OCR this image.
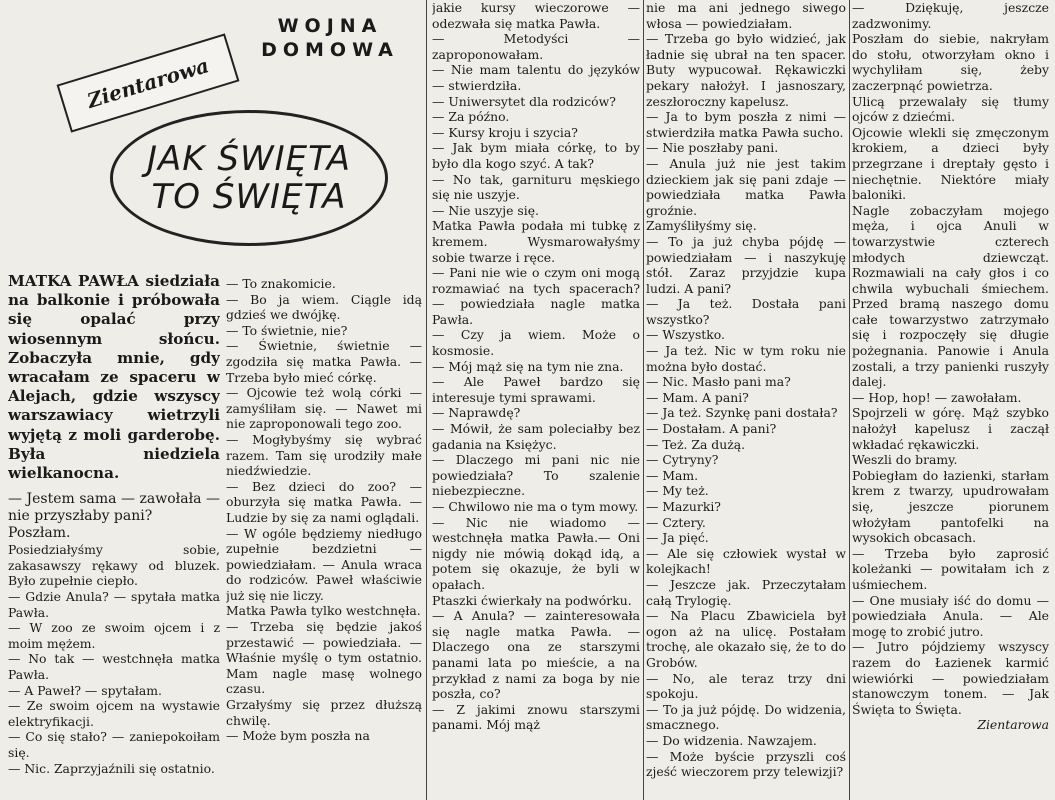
WOJNA DOMOWA
Zientarowa
JAK ŚWIĘTA
TO ŚWIĘTA

MATKA PAWŁA siedziała na balkonie i próbowała się opalać przy wiosennym słońcu. Zobaczyła mnie, gdy wracałam ze spaceru w Alejach, gdzie wszyscy warszawiacy wietrzyli wyjętą z moli garderobę. Była niedziela wielkanocna.

— Jestem sama — zawołała — nie przyszłaby pani?

Poszłam.

Posiedziałyśmy sobie, zakasawszy rękawy od bluzek. Było zupełnie ciepło.

— Gdzie Anula? — spytała matka Pawła.

— W zoo ze swoim ojcem i z moim mężem.

— No tak — westchnęła matka Pawła.

— A Paweł? — spytałam.

— Ze swoim ojcem na wystawie elektryfikacji.

— Co się stało? — zaniepokoiłam się.

— Nic. Zaprzyjaźnili się ostatnio.

— To znakomicie.

— Bo ja wiem. Ciągle idą gdzieś we dwójkę.

— To świetnie, nie?

— Świetnie, świetnie — zgodziła się matka Pawła. — Trzeba było mieć córkę.

— Ojcowie też wolą córki — zamyśliłam się. — Nawet mi nie zaproponowali tego zoo.

— Mogłybyśmy się wybrać razem. Tam się urodziły małe niedźwiedzie.

— Bez dzieci do zoo? — oburzyła się matka Pawła. — Ludzie by się za nami oglądali.

— W ogóle będziemy niedługo zupełnie bezdzietni — powiedziałam. — Anula wraca do rodziców. Paweł właściwie już się nie liczy.

Matka Pawła tylko westchnęła.

— Trzeba się będzie jakoś przestawić — powiedziała. — Właśnie myślę o tym ostatnio. Mam nagle masę wolnego czasu.

Grzałyśmy się przez dłuższą chwilę.

— Może bym poszła na

jakie kursy wieczorowe — odezwała się matka Pawła.

— Metodyści — zaproponowałam.

— Nie mam talentu do języków — stwierdziła.

— Uniwersytet dla rodziców?

— Za późno.

— Kursy kroju i szycia?

— Jak bym miała córkę, to by było dla kogo szyć. A tak?

— No tak, garnituru męskiego się nie uszyje.

— Nie uszyje się.

Matka Pawła podała mi tubkę z kremem. Wysmarowałyśmy sobie twarze i ręce.

— Pani nie wie o czym oni mogą rozmawiać na tych spacerach? — powiedziała nagle matka Pawła.

— Czy ja wiem. Może o kosmosie.

— Mój mąż się na tym nie zna.

— Ale Paweł bardzo się interesuje tymi sprawami.

— Naprawdę?

— Mówił, że sam poleciałby bez gadania na Księżyc.

— Dlaczego mi pani nic nie powiedziała? To szalenie niebezpieczne.

— Chwilowo nie ma o tym mowy.

— Nic nie wiadomo — westchnęła matka Pawła.— Oni nigdy nie mówią dokąd idą, a potem się okazuje, że byli w opałach.

Ptaszki ćwierkały na podwórku.

— A Anula? — zainteresowała się nagle matka Pawła. — Dlaczego ona ze starszymi panami lata po mieście, a na przykład z nami za boga by nie poszła, co?

— Z jakimi znowu starszymi panami. Mój mąż

nie ma ani jednego siwego włosa — powiedziałam.

— Trzeba go było widzieć, jak ładnie się ubrał na ten spacer. Buty wypucował. Rękawiczki pekary nałożył. I jasnoszary, zeszłoroczny kapelusz.

— Ja to bym poszła z nimi — stwierdziła matka Pawła sucho.

— Nie poszłaby pani.

— Anula już nie jest takim dzieckiem jak się pani zdaje — powiedziała matka Pawła groźnie.

Zamyśliłyśmy się.

— To ja już chyba pójdę — powiedziałam — i naszykuję stół. Zaraz przyjdzie kupa ludzi. A pani?

— Ja też. Dostała pani wszystko?

— Wszystko.

— Ja też. Nic w tym roku nie można było dostać.

— Nic. Masło pani ma?

— Mam. A pani?

— Ja też. Szynkę pani dostała?

— Dostałam. A pani?

— Też. Za dużą.

— Cytryny?

— Mam.

— My też.

— Mazurki?

— Cztery.

— Ja pięć.

— Ale się człowiek wystał w kolejkach!

— Jeszcze jak. Przeczytałam całą Trylogię.

— Na Placu Zbawiciela był ogon aż na ulicę. Postałam trochę, ale okazało się, że to do Grobów.

— No, ale teraz trzy dni spokoju.

— To ja już pójdę. Do widzenia, smacznego.

— Do widzenia. Nawzajem.

— Może byście przyszli coś zjeść wieczorem przy telewizji?

— Dziękuję, jeszcze zadzwonimy.

Poszłam do siebie, nakryłam do stołu, otworzyłam okno i wychyliłam się, żeby zaczerpnąć powietrza.

Ulicą przewalały się tłumy ojców z dziećmi.

Ojcowie wlekli się zmęczonym krokiem, a dzieci były przegrzane i dreptały gęsto i niechętnie. Niektóre miały baloniki.

Nagle zobaczyłam mojego męża, i ojca Anuli w towarzystwie czterech młodych dziewcząt. Rozmawiali na cały głos i co chwila wybuchali śmiechem. Przed bramą naszego domu całe towarzystwo zatrzymało się i rozpoczęły się długie pożegnania. Panowie i Anula zostali, a trzy panienki ruszyły dalej.

— Hop, hop! — zawołałam.

Spojrzeli w górę. Mąż szybko nałożył kapelusz i zaczął wkładać rękawiczki.

Weszli do bramy.

Pobiegłam do łazienki, starłam krem z twarzy, upudrowałam się, jeszcze piorunem włożyłam pantofelki na wysokich obcasach.

— Trzeba było zaprosić koleżanki — powitałam ich z uśmiechem.

— One musiały iść do domu — powiedziała Anula. — Ale mogę to zrobić jutro.

— Jutro pójdziemy wszyscy razem do Łazienek karmić wiewiórki — powiedziałam stanowczym tonem. — Jak Święta to Święta.

Zientarowa
